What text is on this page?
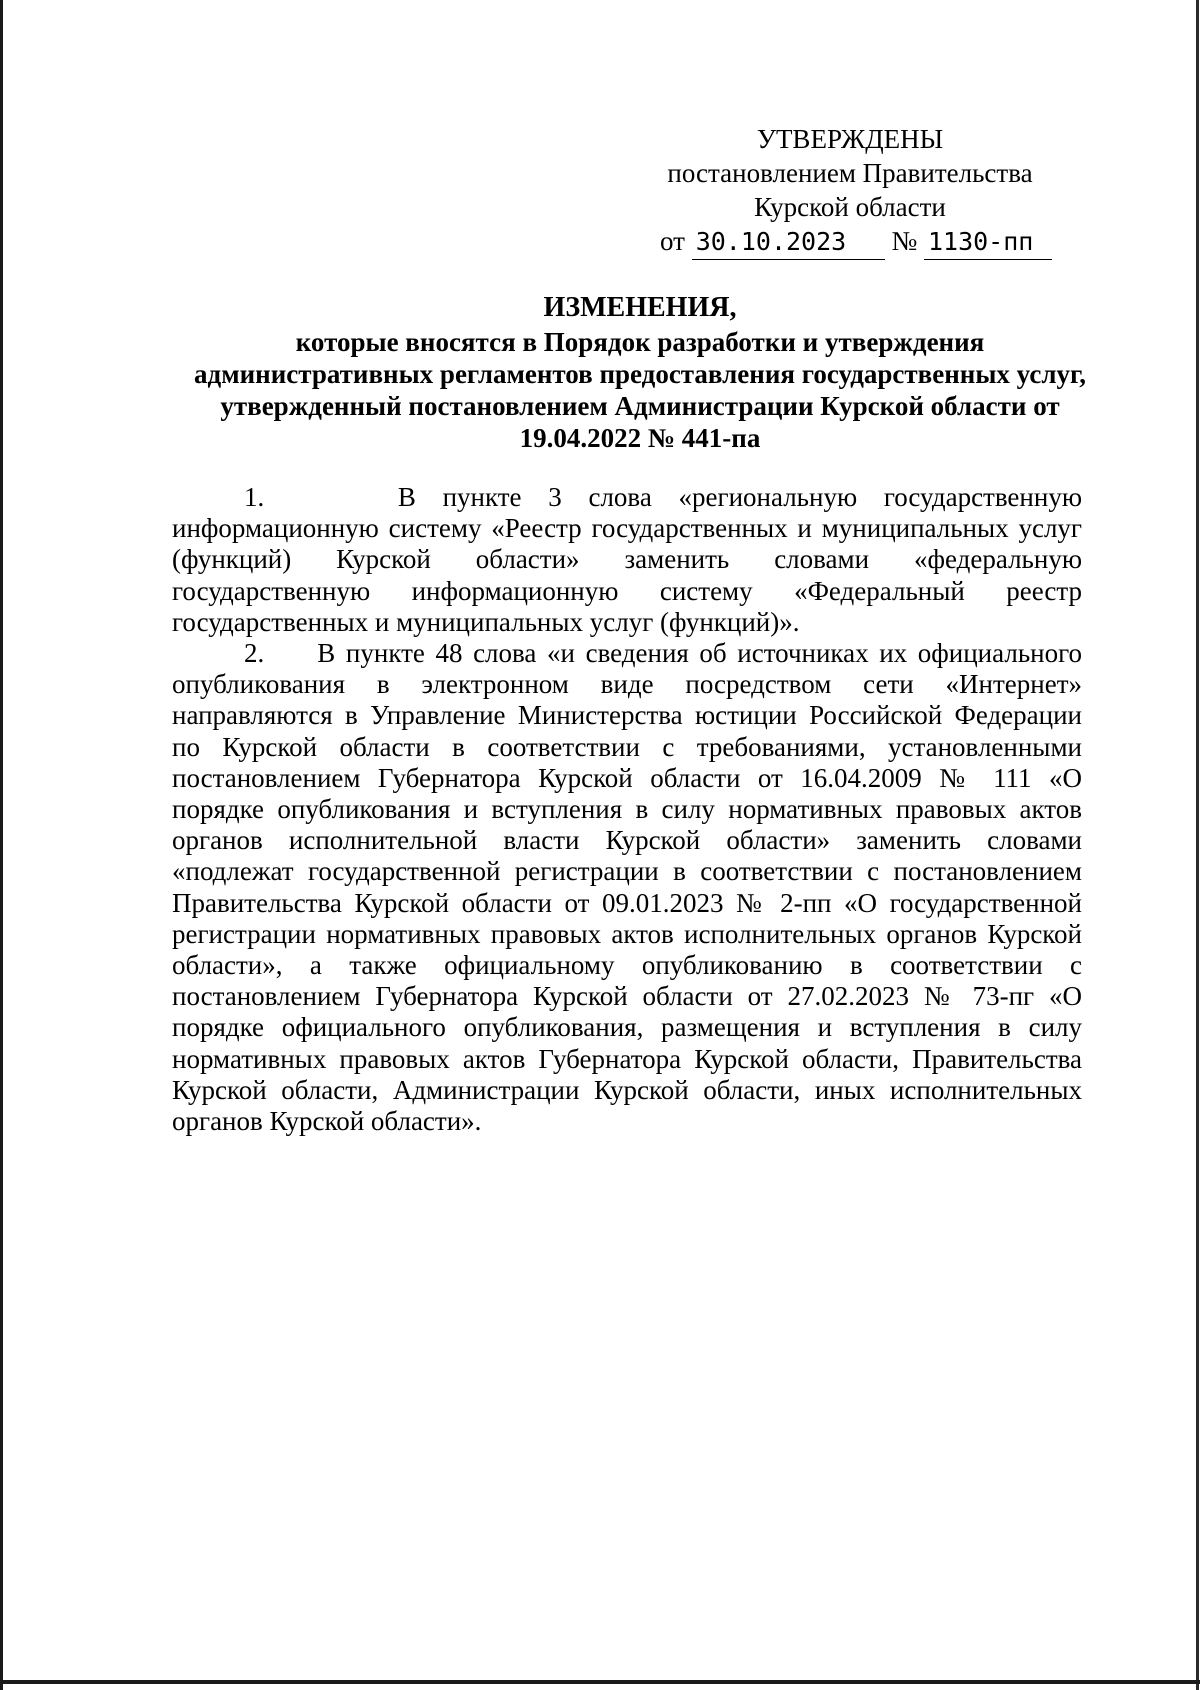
УТВЕРЖДЕНЫ
постановлением Правительства
Курской области
от 30.10.2023 № 1130-пп
ИЗМЕНЕНИЯ,
которые вносятся в Порядок разработки и утверждения административных регламентов предоставления государственных услуг, утвержденный постановлением Администрации Курской области от 19.04.2022 № 441-па

1.     В пункте 3 слова «региональную государственную информационную систему «Реестр государственных и муниципальных услуг (функций) Курской области» заменить словами «федеральную государственную информационную систему «Федеральный реестр государственных и муниципальных услуг (функций)».

2.     В пункте 48 слова «и сведения об источниках их официального опубликования в электронном виде посредством сети «Интернет» направляются в Управление Министерства юстиции Российской Федерации по Курской области в соответствии с требованиями, установленными постановлением Губернатора Курской области от 16.04.2009 № 111 «О порядке опубликования и вступления в силу нормативных правовых актов органов исполнительной власти Курской области» заменить словами «подлежат государственной регистрации в соответствии с постановлением Правительства Курской области от 09.01.2023 № 2-пп «О государственной регистрации нормативных правовых актов исполнительных органов Курской области», а также официальному опубликованию в соответствии с постановлением Губернатора Курской области от 27.02.2023 № 73-пг «О порядке официального опубликования, размещения и вступления в силу нормативных правовых актов Губернатора Курской области, Правительства Курской области, Администрации Курской области, иных исполнительных органов Курской области».
